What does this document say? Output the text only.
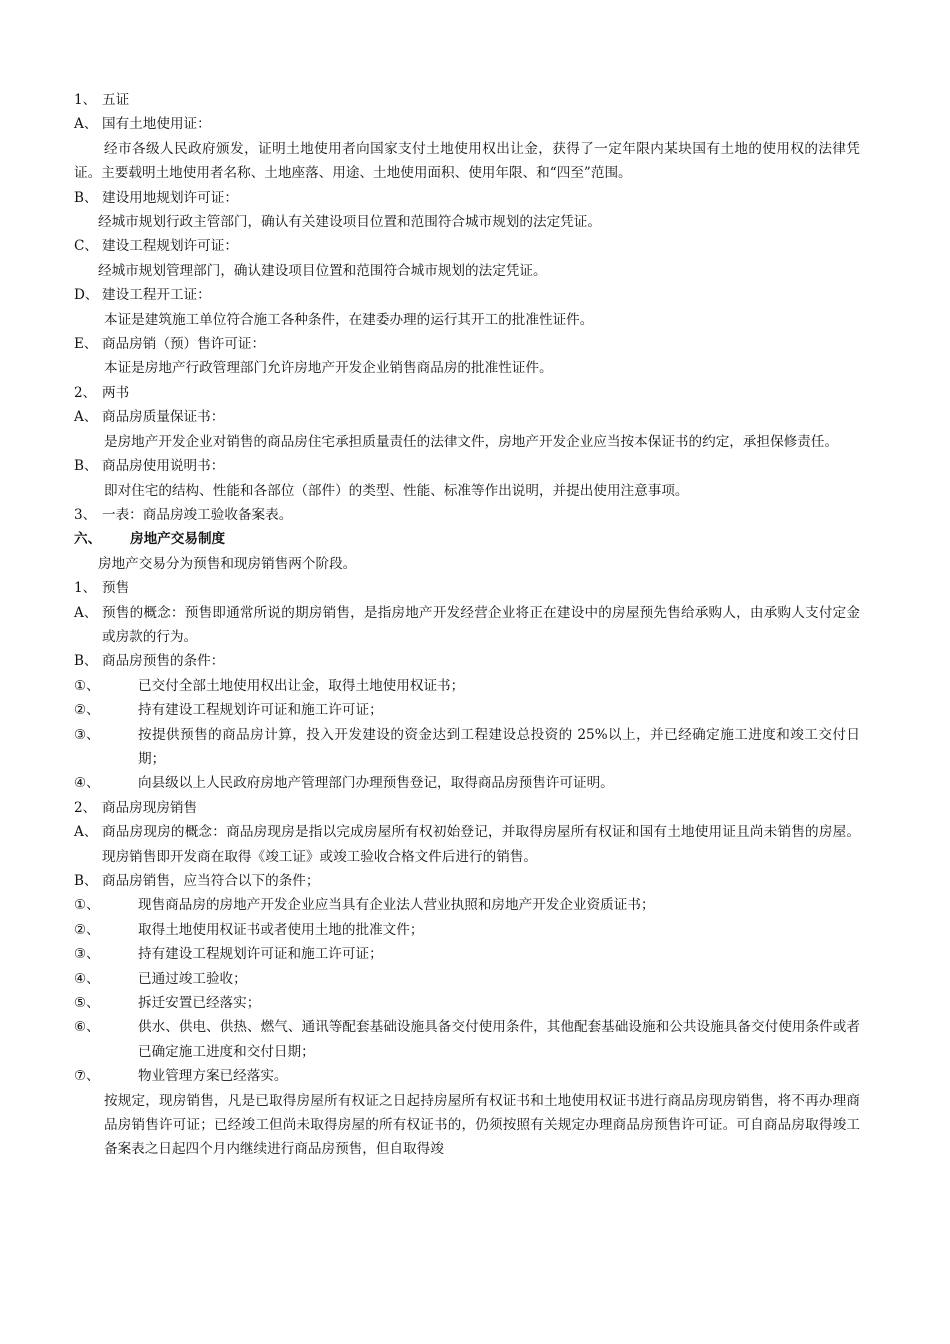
1、 五证
A、 国有土地使用证：
经市各级人民政府颁发，证明土地使用者向国家支付土地使用权出让金，获得了一定年限内某块国有土地的使用权的法律凭证。主要载明土地使用者名称、土地座落、用途、土地使用面积、使用年限、和“四至”范围。
B、 建设用地规划许可证：
经城市规划行政主管部门，确认有关建设项目位置和范围符合城市规划的法定凭证。
C、 建设工程规划许可证：
经城市规划管理部门，确认建设项目位置和范围符合城市规划的法定凭证。
D、 建设工程开工证：
本证是建筑施工单位符合施工各种条件，在建委办理的运行其开工的批准性证件。
E、 商品房销（预）售许可证：
本证是房地产行政管理部门允许房地产开发企业销售商品房的批准性证件。
2、 两书
A、 商品房质量保证书：
是房地产开发企业对销售的商品房住宅承担质量责任的法律文件，房地产开发企业应当按本保证书的约定，承担保修责任。
B、 商品房使用说明书：
即对住宅的结构、性能和各部位（部件）的类型、性能、标准等作出说明，并提出使用注意事项。
3、 一表：商品房竣工验收备案表。
六、	房地产交易制度
房地产交易分为预售和现房销售两个阶段。
1、 预售
A、 预售的概念：预售即通常所说的期房销售，是指房地产开发经营企业将正在建设中的房屋预先售给承购人，由承购人支付定金或房款的行为。
B、 商品房预售的条件：
①、	已交付全部土地使用权出让金，取得土地使用权证书；
②、	持有建设工程规划许可证和施工许可证；
③、	按提供预售的商品房计算，投入开发建设的资金达到工程建设总投资的 25%以上，并已经确定施工进度和竣工交付日期；
④、	向县级以上人民政府房地产管理部门办理预售登记，取得商品房预售许可证明。
2、 商品房现房销售
A、 商品房现房的概念：商品房现房是指以完成房屋所有权初始登记，并取得房屋所有权证和国有土地使用证且尚未销售的房屋。现房销售即开发商在取得《竣工证》或竣工验收合格文件后进行的销售。
B、 商品房销售，应当符合以下的条件；
①、	现售商品房的房地产开发企业应当具有企业法人营业执照和房地产开发企业资质证书；
②、	取得土地使用权证书或者使用土地的批准文件；
③、	持有建设工程规划许可证和施工许可证；
④、	已通过竣工验收；
⑤、	拆迁安置已经落实；
⑥、	供水、供电、供热、燃气、通讯等配套基础设施具备交付使用条件，其他配套基础设施和公共设施具备交付使用条件或者已确定施工进度和交付日期；
⑦、	物业管理方案已经落实。
按规定，现房销售，凡是已取得房屋所有权证之日起持房屋所有权证书和土地使用权证书进行商品房现房销售，将不再办理商品房销售许可证；已经竣工但尚未取得房屋的所有权证书的，仍须按照有关规定办理商品房预售许可证。可自商品房取得竣工备案表之日起四个月内继续进行商品房预售，但自取得竣
